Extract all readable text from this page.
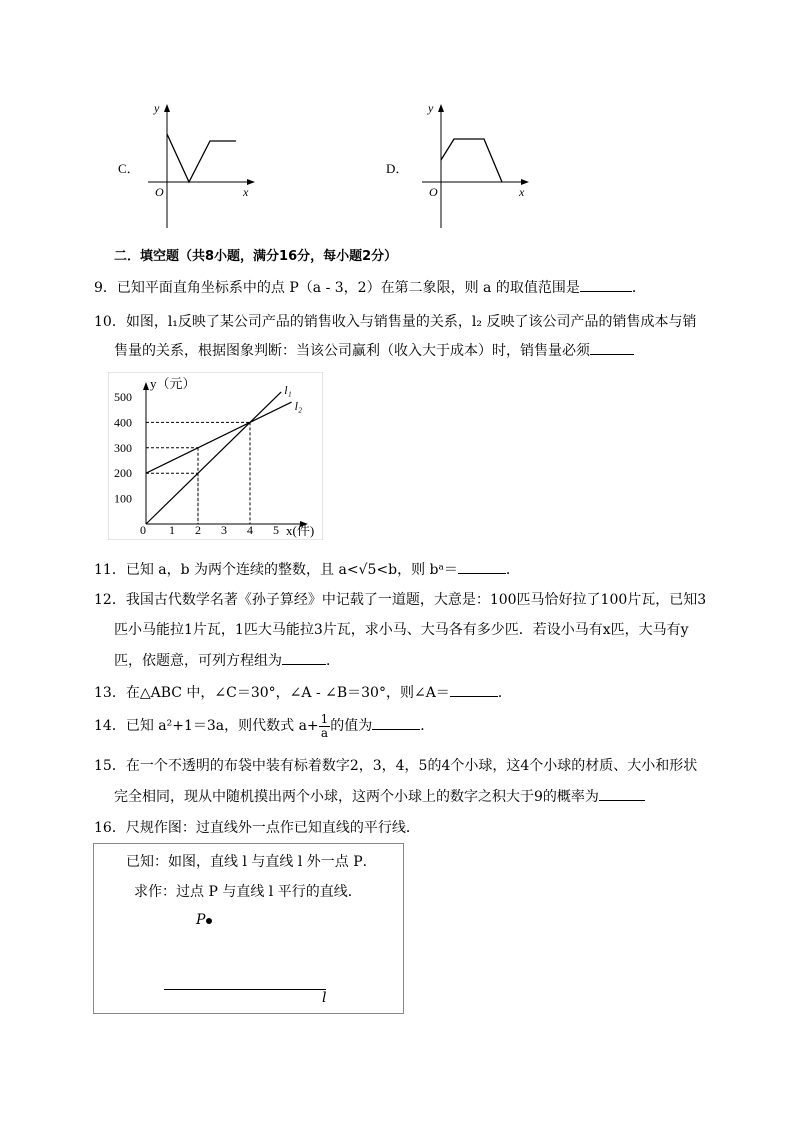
C．
y
x
O
D．
y
x
O
二．填空题（共8小题，满分16分，每小题2分）
9．已知平面直角坐标系中的点 P（a - 3，2）在第二象限，则 a 的取值范围是	．
10．如图，l₁反映了某公司产品的销售收入与销售量的关系，l₂ 反映了该公司产品的销售成本与销
售量的关系，根据图象判断：当该公司赢利（收入大于成本）时，销售量必须
y（元）
x(件)
0
500
400
300
200
100
1 2 3 4 5
l₁
l₂
11．已知 a，b 为两个连续的整数，且 a<√5<b，则 bᵃ＝	．
12．我国古代数学名著《孙子算经》中记载了一道题，大意是：100匹马恰好拉了100片瓦，已知3
匹小马能拉1片瓦，1匹大马能拉3片瓦，求小马、大马各有多少匹．若设小马有x匹，大马有y
匹，依题意，可列方程组为	．
13．在△ABC 中，∠C＝30°，∠A - ∠B＝30°，则∠A＝	．
14．已知 a²+1＝3a，则代数式 $a+ \frac{1}{a}$ 的值为	．
15．在一个不透明的布袋中装有标着数字2，3，4，5的4个小球，这4个小球的材质、大小和形状
完全相同，现从中随机摸出两个小球，这两个小球上的数字之积大于9的概率为
16．尺规作图：过直线外一点作已知直线的平行线．
已知：如图，直线 l 与直线 l 外一点 P．
求作：过点 P 与直线 l 平行的直线．
P
l
